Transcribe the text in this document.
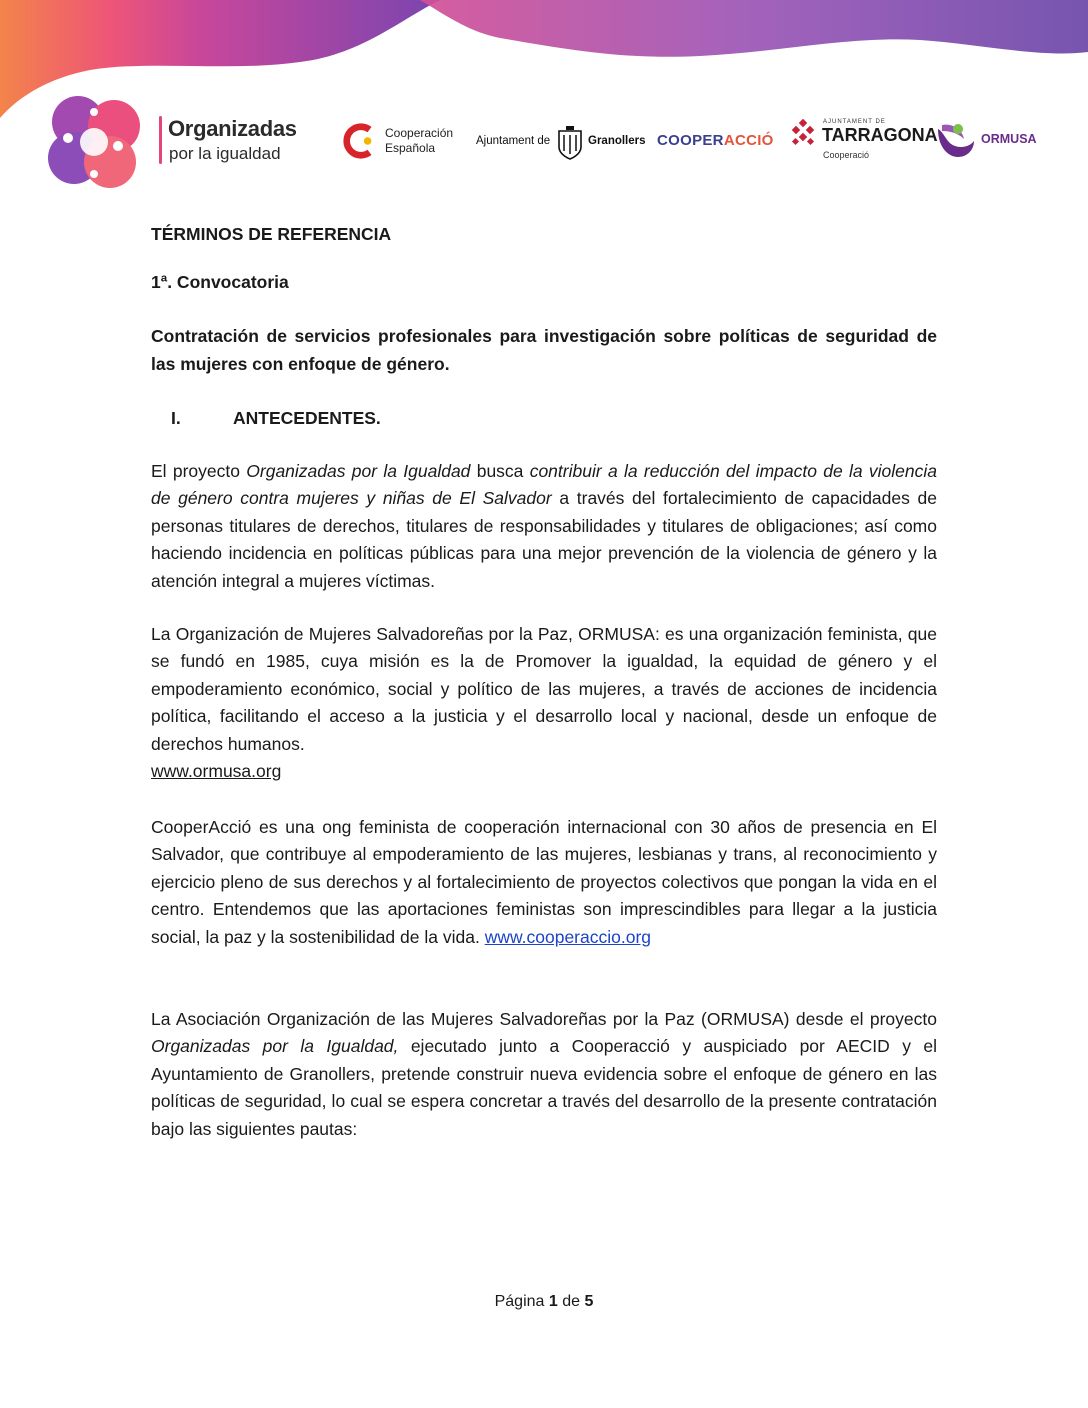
Organizadas
por la igualdad
Cooperación
Española	Ajuntament de	Granollers COOPERACCIÓ
AJUNTAMENT DE
TARRAGONA
Cooperació
ORMUSA

TÉRMINOS DE REFERENCIA

1ª. Convocatoria

Contratación de servicios profesionales para investigación sobre políticas de seguridad de las mujeres con enfoque de género.

I.	ANTECEDENTES.

El proyecto Organizadas por la Igualdad busca contribuir a la reducción del impacto de la violencia de género contra mujeres y niñas de El Salvador a través del fortalecimiento de capacidades de personas titulares de derechos, titulares de responsabilidades y titulares de obligaciones; así como haciendo incidencia en políticas públicas para una mejor prevención de la violencia de género y la atención integral a mujeres víctimas.

La Organización de Mujeres Salvadoreñas por la Paz, ORMUSA: es una organización feminista, que se fundó en 1985, cuya misión es la de Promover la igualdad, la equidad de género y el empoderamiento económico, social y político de las mujeres, a través de acciones de incidencia política, facilitando el acceso a la justicia y el desarrollo local y nacional, desde un enfoque de derechos humanos.
www.ormusa.org

CooperAcció es una ong feminista de cooperación internacional con 30 años de presencia en El Salvador, que contribuye al empoderamiento de las mujeres, lesbianas y trans, al reconocimiento y ejercicio pleno de sus derechos y al fortalecimiento de proyectos colectivos que pongan la vida en el centro. Entendemos que las aportaciones feministas son imprescindibles para llegar a la justicia social, la paz y la sostenibilidad de la vida. www.cooperaccio.org

La Asociación Organización de las Mujeres Salvadoreñas por la Paz (ORMUSA) desde el proyecto Organizadas por la Igualdad, ejecutado junto a Cooperacció y auspiciado por AECID y el Ayuntamiento de Granollers, pretende construir nueva evidencia sobre el enfoque de género en las políticas de seguridad, lo cual se espera concretar a través del desarrollo de la presente contratación bajo las siguientes pautas:

Página 1 de 5
